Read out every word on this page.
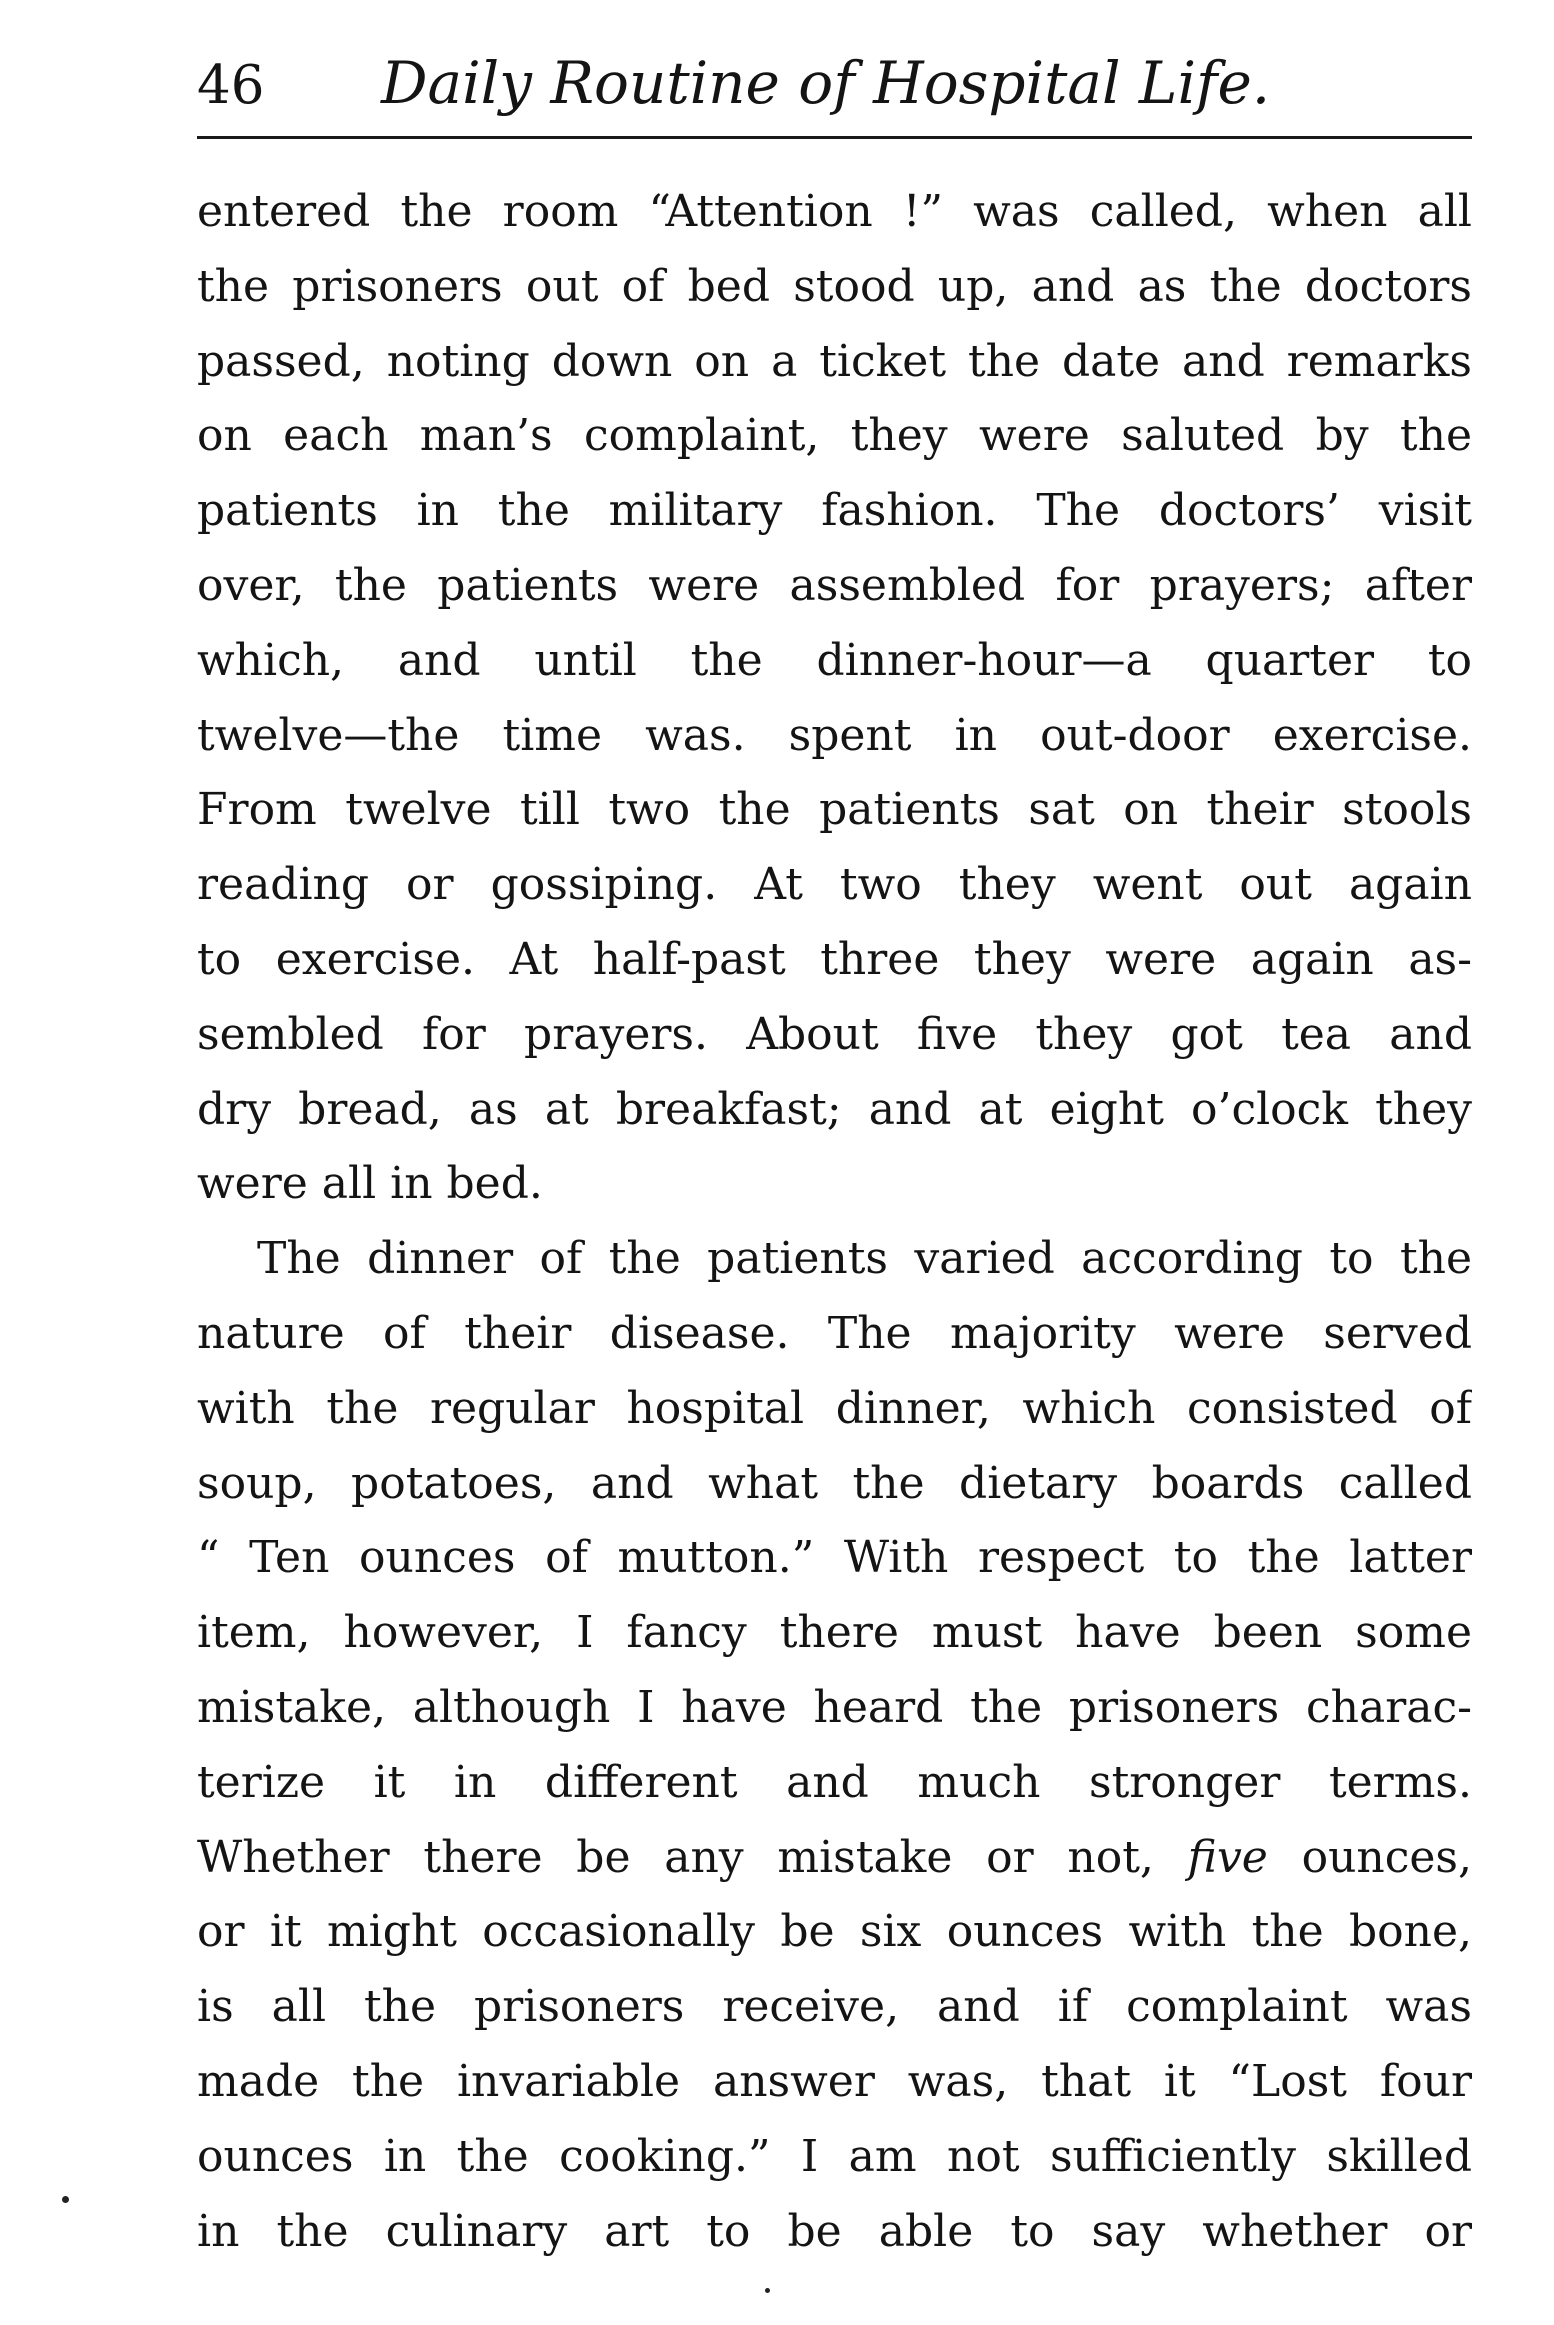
46 Daily Routine of Hospital Life.
entered the room “Attention !” was called, when all
the prisoners out of bed stood up, and as the doctors
passed, noting down on a ticket the date and remarks
on each man’s complaint, they were saluted by the
patients in the military fashion. The doctors’ visit
over, the patients were assembled for prayers; after
which, and until the dinner-hour—a quarter to
twelve—the time was. spent in out-door exercise.
From twelve till two the patients sat on their stools
reading or gossiping. At two they went out again
to exercise. At half-past three they were again as-
sembled for prayers. About five they got tea and
dry bread, as at breakfast; and at eight o’clock they
were all in bed.
The dinner of the patients varied according to the
nature of their disease. The majority were served
with the regular hospital dinner, which consisted of
soup, potatoes, and what the dietary boards called
“ Ten ounces of mutton.” With respect to the latter
item, however, I fancy there must have been some
mistake, although I have heard the prisoners charac-
terize it in different and much stronger terms.
Whether there be any mistake or not, five ounces,
or it might occasionally be six ounces with the bone,
is all the prisoners receive, and if complaint was
made the invariable answer was, that it “Lost four
ounces in the cooking.” I am not sufficiently skilled
in the culinary art to be able to say whether or
